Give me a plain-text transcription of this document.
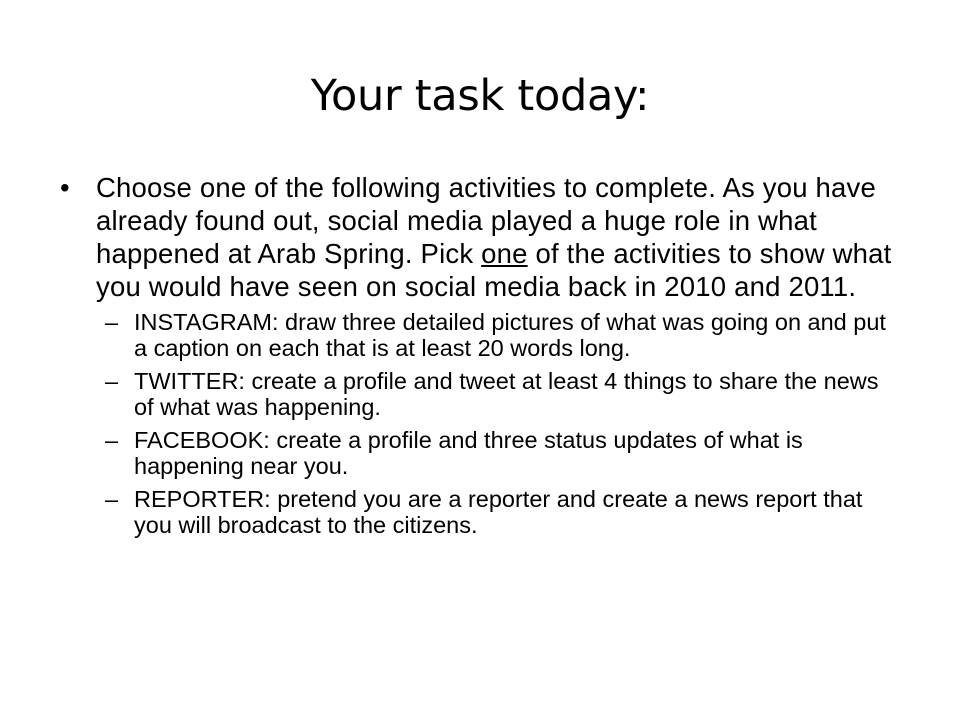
Your task today:
• Choose one of the following activities to complete. As you have already found out, social media played a huge role in what happened at Arab Spring. Pick one of the activities to show what you would have seen on social media back in 2010 and 2011.
– INSTAGRAM: draw three detailed pictures of what was going on and put a caption on each that is at least 20 words long.
– TWITTER: create a profile and tweet at least 4 things to share the news of what was happening.
– FACEBOOK: create a profile and three status updates of what is happening near you.
– REPORTER: pretend you are a reporter and create a news report that you will broadcast to the citizens.
